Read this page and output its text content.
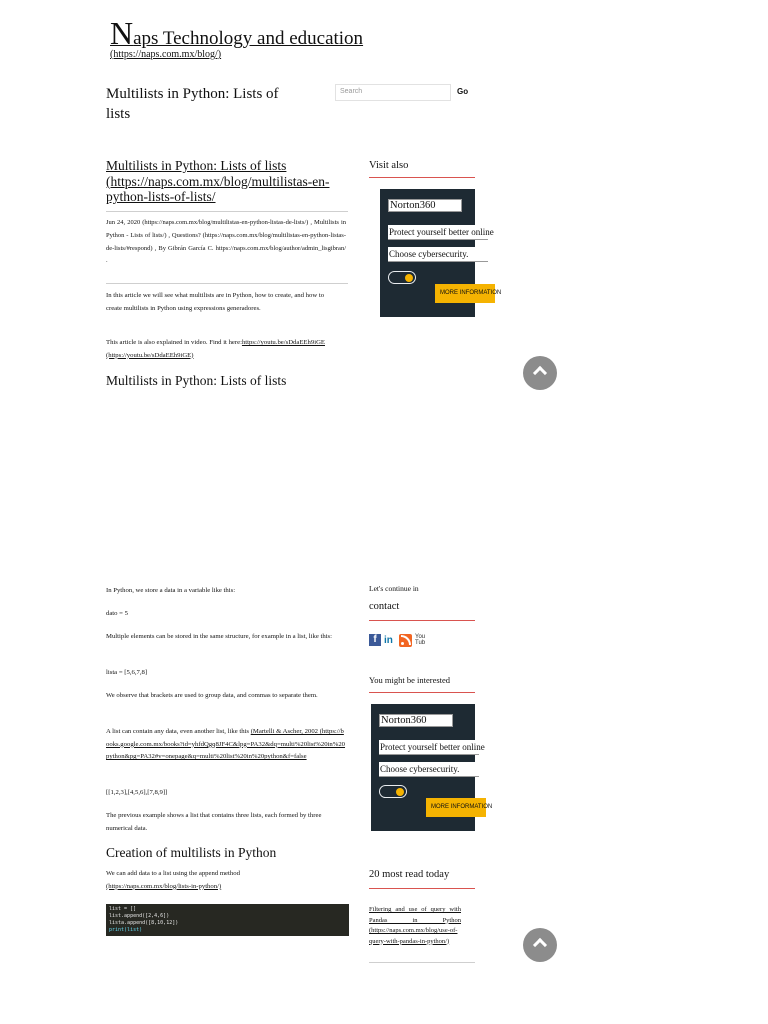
Naps Technology and education
(https://naps.com.mx/blog/)
Multilists in Python: Lists of lists
Search	Go
Multilists in Python: Lists of lists (https://naps.com.mx/blog/multilistas-en-python-lists-of-lists/
Jun 24, 2020 (https://naps.com.mx/blog/multilistas-en-python-listas-de-lists/) , Multilists in Python - Lists of lists/) , Questions? (https://naps.com.mx/blog/multilistas-en-python-listas-de-lists/#respond) , By Gibrán García C. https://naps.com.mx/blog/author/admin_lisgibran/ .
In this article we will see what multilists are in Python, how to create, and how to create multilists in Python using expressions generadores.
This article is also explained in video. Find it here:https://youtu.be/sDdaEEh9iGE (https://youtu.be/sDdaEEh9iGE)
Multilists in Python: Lists of lists
In Python, we store a data in a variable like this:
dato = 5
Multiple elements can be stored in the same structure, for example in a list, like this:
lista = [5,6,7,8]
We observe that brackets are used to group data, and commas to separate them.
A list can contain any data, even another list, like this (Martelli & Ascher, 2002 (https://books.google.com.mx/books?id=yhfdQgq8JF4C&lpg=PA32&dq=multi%20list%20in%20python&pg=PA32#v=onepage&q=multi%20list%20in%20python&f=false
[[1,2,3],[4,5,6],[7,8,9]]
The previous example shows a list that contains three lists, each formed by three numerical data.
Creation of multilists in Python
We can add data to a list using the append method
(https://naps.com.mx/blog/lists-in-python/)
list = []
list.append([2,4,6])
lista.append([8,10,12])
print(list)
Visit also
Norton360
Protect yourself better online
Choose cybersecurity.
MORE INFORMATION
Let's continue in
contact
f in	You
Tub
You might be interested
Norton360
Protect yourself better online
Choose cybersecurity.
MORE INFORMATION
20 most read today
Filtering and use of query with Pandas in Python (https://naps.com.mx/blog/use-of-query-with-pandas-in-python/)
